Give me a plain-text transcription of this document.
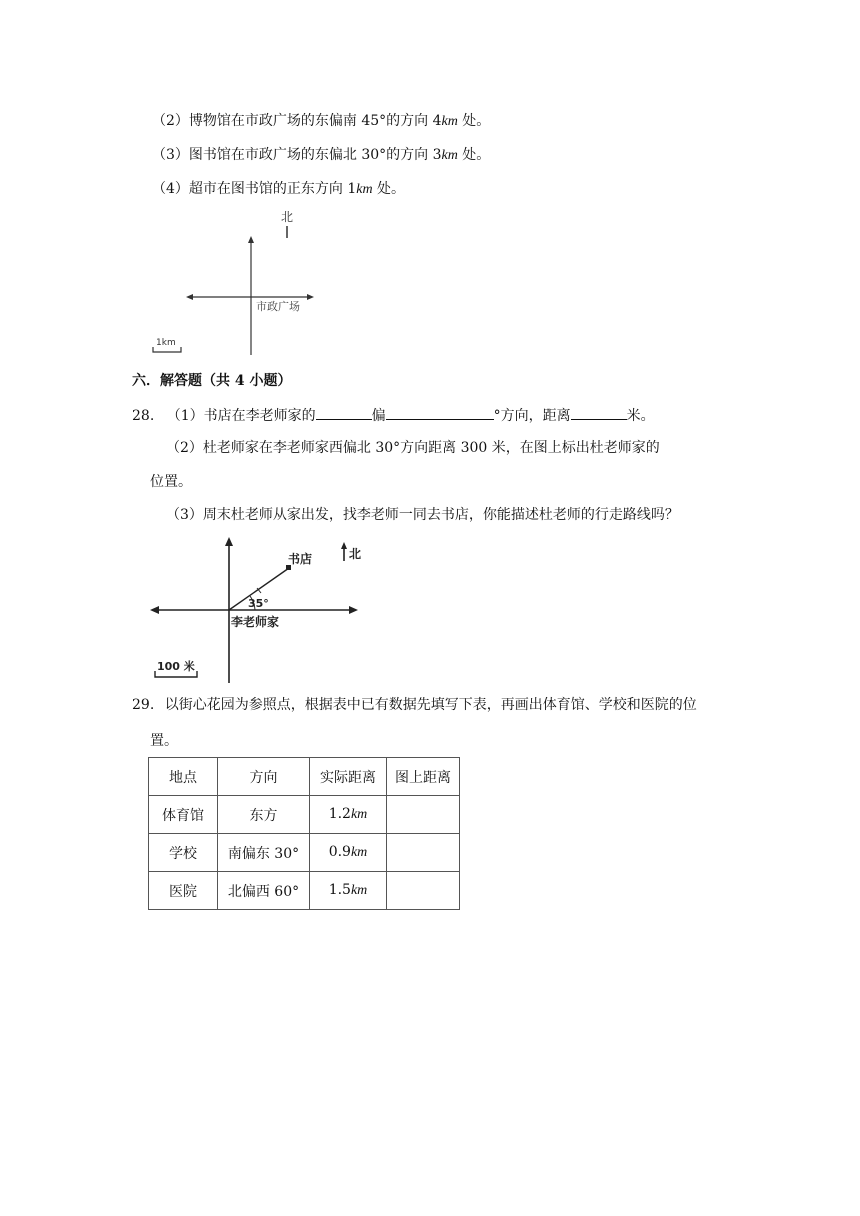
（2）博物馆在市政广场的东偏南 45°的方向 4km 处。
（3）图书馆在市政广场的东偏北 30°的方向 3km 处。
（4）超市在图书馆的正东方向 1km 处。
北
市政广场
1km
六．解答题（共 4 小题）
28. （1）书店在李老师家的	偏	°方向，距离	米。
（2）杜老师家在李老师家西偏北 30°方向距离 300 米，在图上标出杜老师家的
位置。
（3）周末杜老师从家出发，找李老师一同去书店，你能描述杜老师的行走路线吗？
书店
35°
李老师家
北
100 米
29. 以街心花园为参照点，根据表中已有数据先填写下表，再画出体育馆、学校和医院的位
置。
地点	方向	实际距离	图上距离
体育馆	东方	1.2km	
学校	南偏东 30°	0.9km	
医院	北偏西 60°	1.5km	
